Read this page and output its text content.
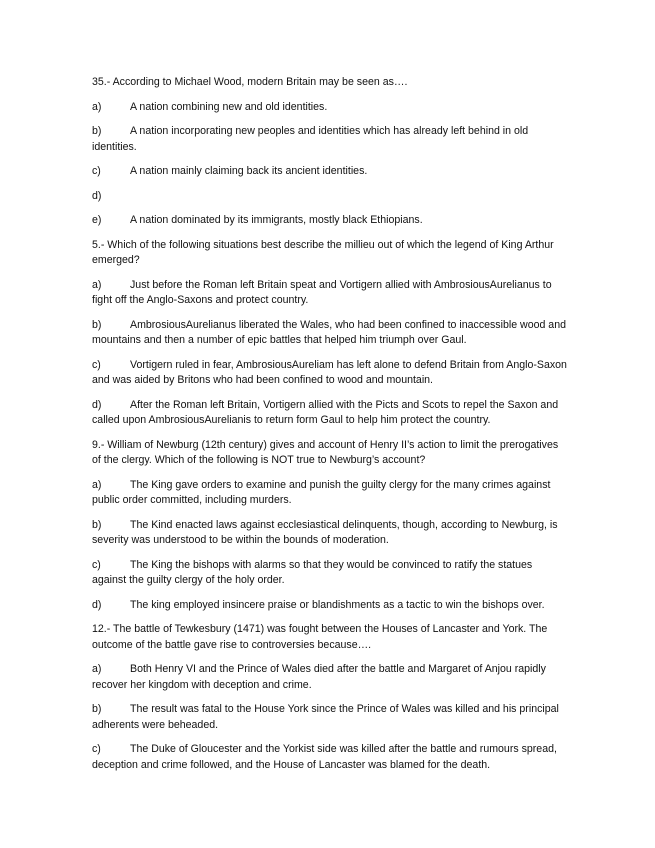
35.- According to Michael Wood, modern Britain may be seen as….

a)	A nation combining new and old identities.

b)	A nation incorporating new peoples and identities which has already left behind in old identities.

c)	A nation mainly claiming back its ancient identities.

d)

e)	A nation dominated by its immigrants, mostly black Ethiopians.

5.- Which of the following situations best describe the millieu out of which the legend of King Arthur emerged?

a)	Just before the Roman left Britain speat and Vortigern allied with AmbrosiousAurelianus to fight off the Anglo-Saxons and protect country.

b)	AmbrosiousAurelianus liberated the Wales, who had been confined to inaccessible wood and mountains and then a number of epic battles that helped him triumph over Gaul.

c)	Vortigern ruled in fear, AmbrosiousAureliam has left alone to defend Britain from Anglo-Saxon and was aided by Britons who had been confined to wood and mountain.

d)	After the Roman left Britain, Vortigern allied with the Picts and Scots to repel the Saxon and called upon AmbrosiousAurelianis to return form Gaul to help him protect the country.

9.- William of Newburg (12th century) gives and account of Henry II’s action to limit the prerogatives of the clergy. Which of the following is NOT true to Newburg’s account?

a)	The King gave orders to examine and punish the guilty clergy for the many crimes against public order committed, including murders.

b)	The Kind enacted laws against ecclesiastical delinquents, though, according to Newburg, is severity was understood to be within the bounds of moderation.

c)	The King the bishops with alarms so that they would be convinced to ratify the statues against the guilty clergy of the holy order.

d)	The king employed insincere praise or blandishments as a tactic to win the bishops over.

12.- The battle of Tewkesbury (1471) was fought between the Houses of Lancaster and York. The outcome of the battle gave rise to controversies because….

a)	Both Henry VI and the Prince of Wales died after the battle and Margaret of Anjou rapidly recover her kingdom with deception and crime.

b)	The result was fatal to the House York since the Prince of Wales was killed and his principal adherents were beheaded.

c)	The Duke of Gloucester and the Yorkist side was killed after the battle and rumours spread, deception and crime followed, and the House of Lancaster was blamed for the death.
